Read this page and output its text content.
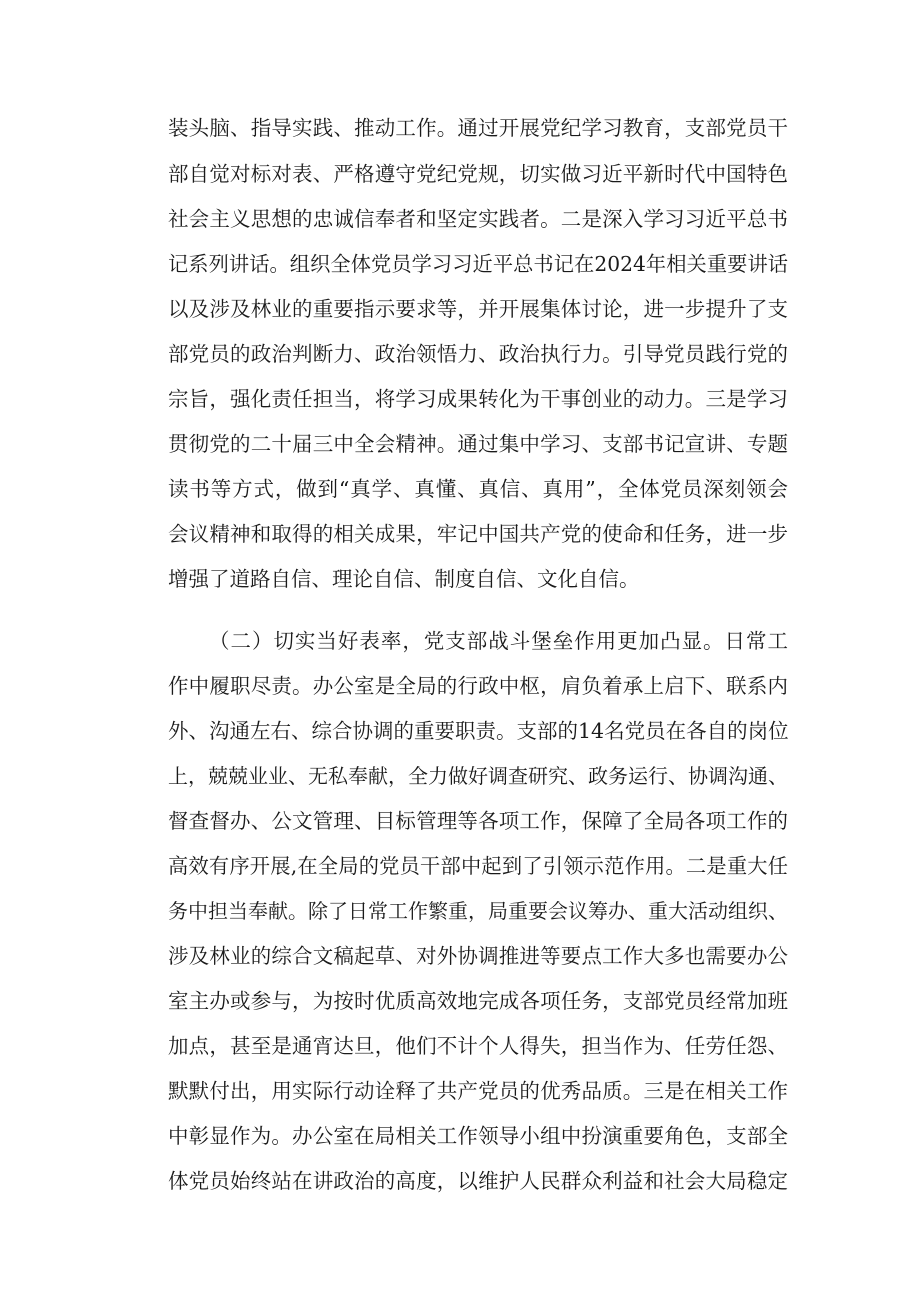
装头脑、指导实践、推动工作。通过开展党纪学习教育，支部党员干
部自觉对标对表、严格遵守党纪党规，切实做习近平新时代中国特色
社会主义思想的忠诚信奉者和坚定实践者。二是深入学习习近平总书
记系列讲话。组织全体党员学习习近平总书记在2024年相关重要讲话
以及涉及林业的重要指示要求等，并开展集体讨论，进一步提升了支
部党员的政治判断力、政治领悟力、政治执行力。引导党员践行党的
宗旨，强化责任担当，将学习成果转化为干事创业的动力。三是学习
贯彻党的二十届三中全会精神。通过集中学习、支部书记宣讲、专题
读书等方式，做到“真学、真懂、真信、真用”，全体党员深刻领会
会议精神和取得的相关成果，牢记中国共产党的使命和任务，进一步
增强了道路自信、理论自信、制度自信、文化自信。
（二）切实当好表率，党支部战斗堡垒作用更加凸显。日常工
作中履职尽责。办公室是全局的行政中枢，肩负着承上启下、联系内
外、沟通左右、综合协调的重要职责。支部的14名党员在各自的岗位
上，兢兢业业、无私奉献，全力做好调查研究、政务运行、协调沟通、
督查督办、公文管理、目标管理等各项工作，保障了全局各项工作的
高效有序开展,在全局的党员干部中起到了引领示范作用。二是重大任
务中担当奉献。除了日常工作繁重，局重要会议筹办、重大活动组织、
涉及林业的综合文稿起草、对外协调推进等要点工作大多也需要办公
室主办或参与，为按时优质高效地完成各项任务，支部党员经常加班
加点，甚至是通宵达旦，他们不计个人得失，担当作为、任劳任怨、
默默付出，用实际行动诠释了共产党员的优秀品质。三是在相关工作
中彰显作为。办公室在局相关工作领导小组中扮演重要角色，支部全
体党员始终站在讲政治的高度，以维护人民群众利益和社会大局稳定
